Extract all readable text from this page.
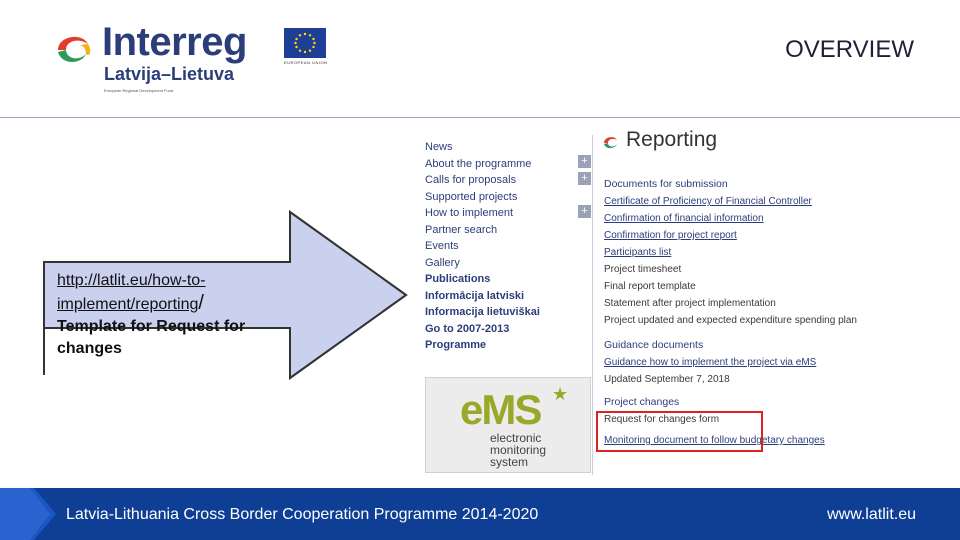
Interreg
Latvija–Lietuva
European Regional Development Fund
EUROPEAN UNION	OVERVIEW
http://latlit.eu/how-to-implement/reporting/
Template for Request for changes
News
About the programme
Calls for proposals
Supported projects
How to implement
Partner search
Events
Gallery
Publications
Informācija latviski
Informacija lietuviškai
Go to 2007-2013
Programme
+
+
+
Reporting
Documents for submission
Certificate of Proficiency of Financial Controller
Confirmation of financial information
Confirmation for project report
Participants list
Project timesheet
Final report template
Statement after project implementation
Project updated and expected expenditure spending plan
Guidance documents
Guidance how to implement the project via eMS
Updated September 7, 2018
Project changes
Request for changes form
Monitoring document to follow budgetary changes
eMS ★
electronic
monitoring
system
Latvia-Lithuania Cross Border Cooperation Programme 2014-2020	www.latlit.eu
